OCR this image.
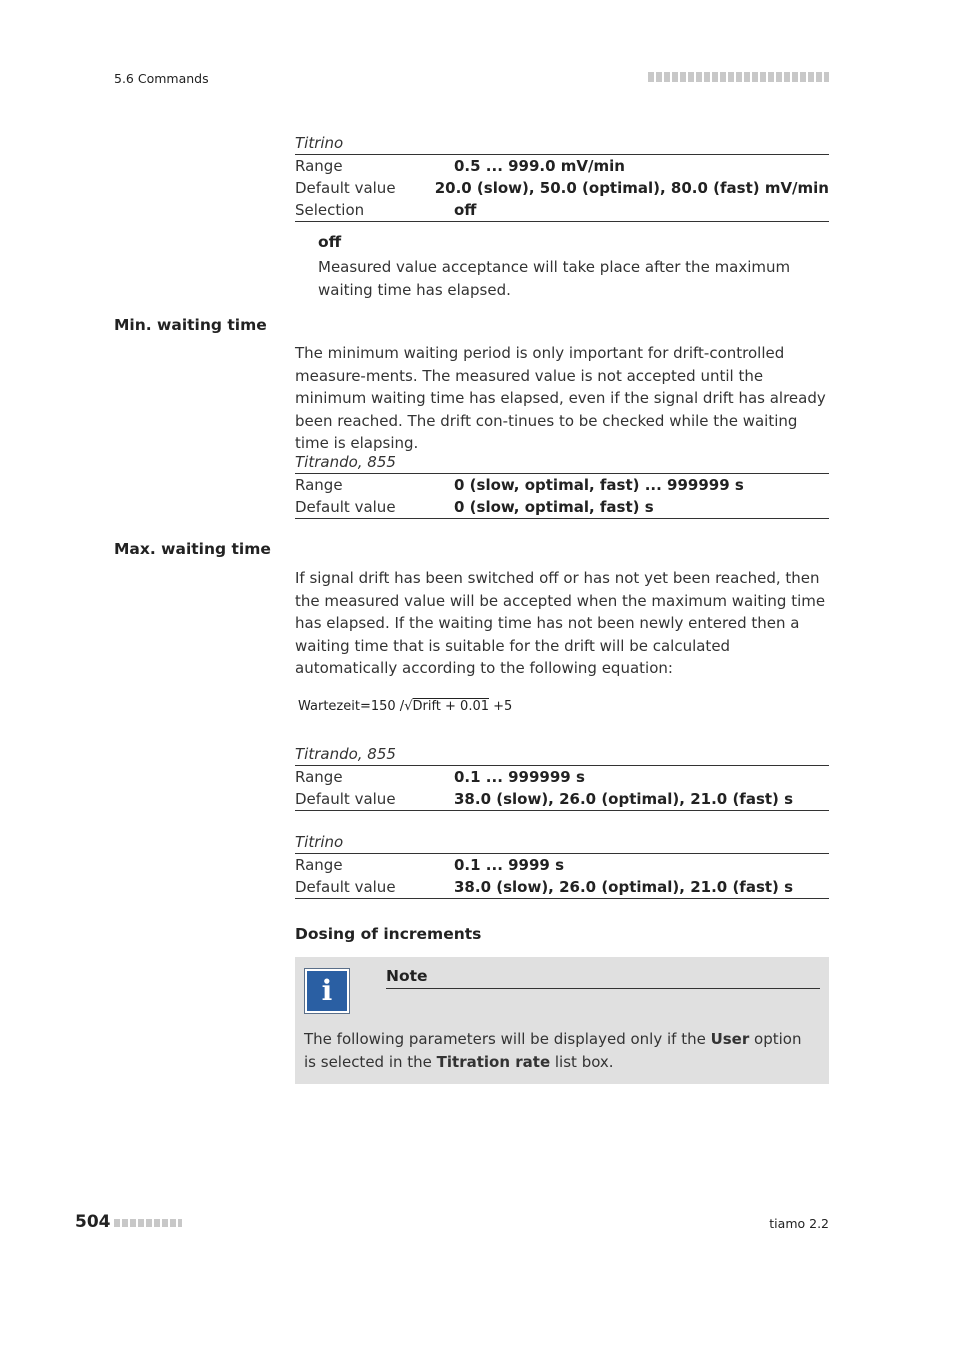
5.6 Commands
Titrino
Range	0.5 ... 999.0 mV/min
Default value	20.0 (slow), 50.0 (optimal), 80.0 (fast) mV/min
Selection	off
off
Measured value acceptance will take place after the maximum waiting time has elapsed.
Min. waiting time
The minimum waiting period is only important for drift-controlled measure-ments. The measured value is not accepted until the minimum waiting time has elapsed, even if the signal drift has already been reached. The drift con-tinues to be checked while the waiting time is elapsing.
Titrando, 855
Range	0 (slow, optimal, fast) ... 999999 s
Default value	0 (slow, optimal, fast) s
Max. waiting time
If signal drift has been switched off or has not yet been reached, then the measured value will be accepted when the maximum waiting time has elapsed. If the waiting time has not been newly entered then a waiting time that is suitable for the drift will be calculated automatically according to the following equation:
Wartezeit=150 /√Drift + 0.01 +5
Titrando, 855
Range	0.1 ... 999999 s
Default value	38.0 (slow), 26.0 (optimal), 21.0 (fast) s
Titrino
Range	0.1 ... 9999 s
Default value	38.0 (slow), 26.0 (optimal), 21.0 (fast) s
Dosing of increments
i	Note
The following parameters will be displayed only if the User option is selected in the Titration rate list box.
504	tiamo 2.2
